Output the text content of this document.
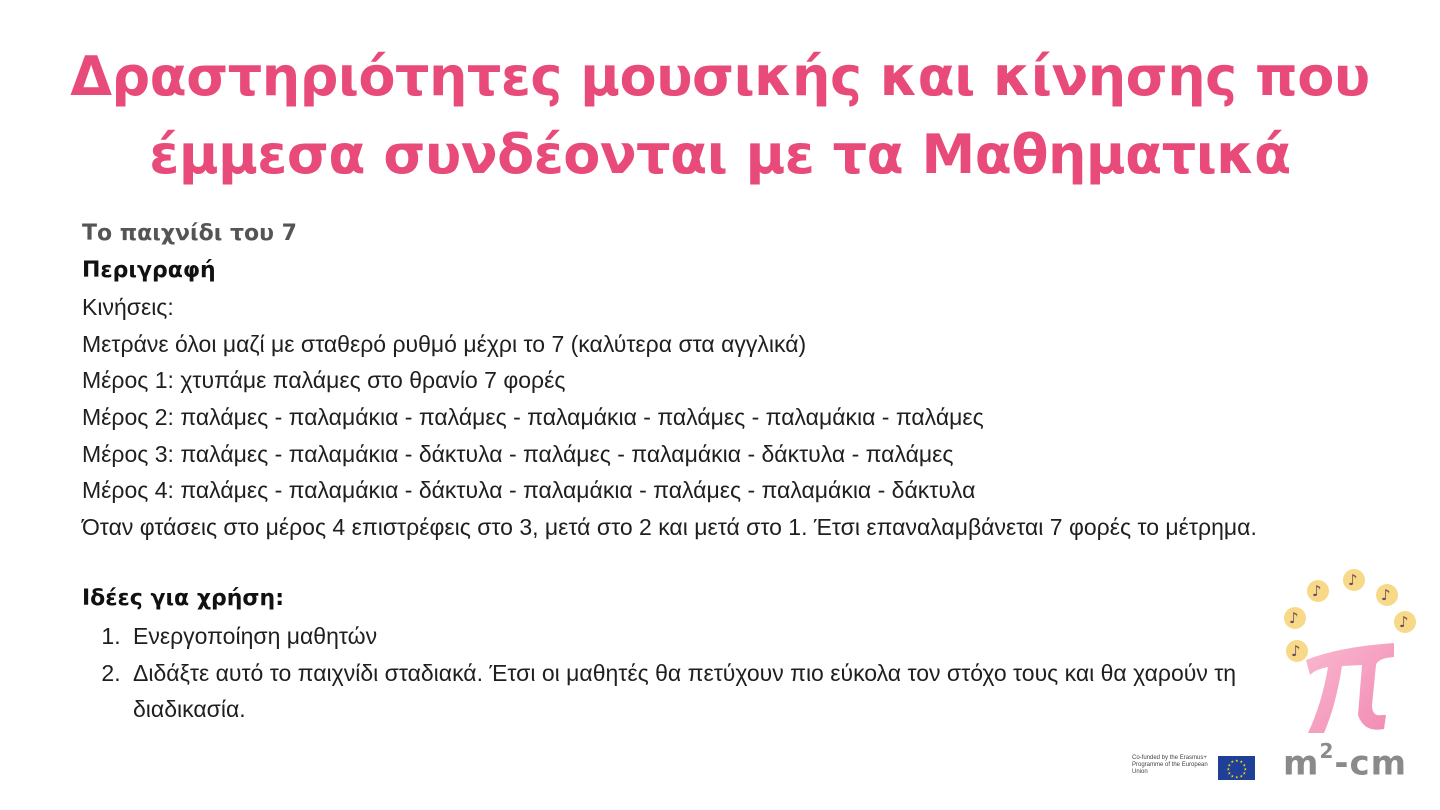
Δραστηριότητες μουσικής και κίνησης που
έμμεσα συνδέονται με τα Μαθηματικά

Το παιχνίδι του 7

Περιγραφή

Κινήσεις:

Μετράνε όλοι μαζί με σταθερό ρυθμό μέχρι το 7 (καλύτερα στα αγγλικά)

Μέρος 1: χτυπάμε παλάμες στο θρανίο 7 φορές

Μέρος 2: παλάμες - παλαμάκια - παλάμες - παλαμάκια - παλάμες - παλαμάκια - παλάμες

Μέρος 3: παλάμες - παλαμάκια - δάκτυλα - παλάμες - παλαμάκια - δάκτυλα - παλάμες

Μέρος 4: παλάμες - παλαμάκια - δάκτυλα - παλαμάκια - παλάμες - παλαμάκια - δάκτυλα

Όταν φτάσεις στο μέρος 4 επιστρέφεις στο 3, μετά στο 2 και μετά στο 1. Έτσι επαναλαμβάνεται 7 φορές το μέτρημα.

Ιδέες για χρήση:

1. Ενεργοποίηση μαθητών
2. Διδάξτε αυτό το παιχνίδι σταδιακά. Έτσι οι μαθητές θα πετύχουν πιο εύκολα τον στόχο τους και θα χαρούν τη διαδικασία.
♪
♪
♪
♪
♪
♪
Co-funded by the Erasmus+ Programme of the European Union
★ ★
★
★
★
★
★
★
★
★
★
★ $m^2-cm$
